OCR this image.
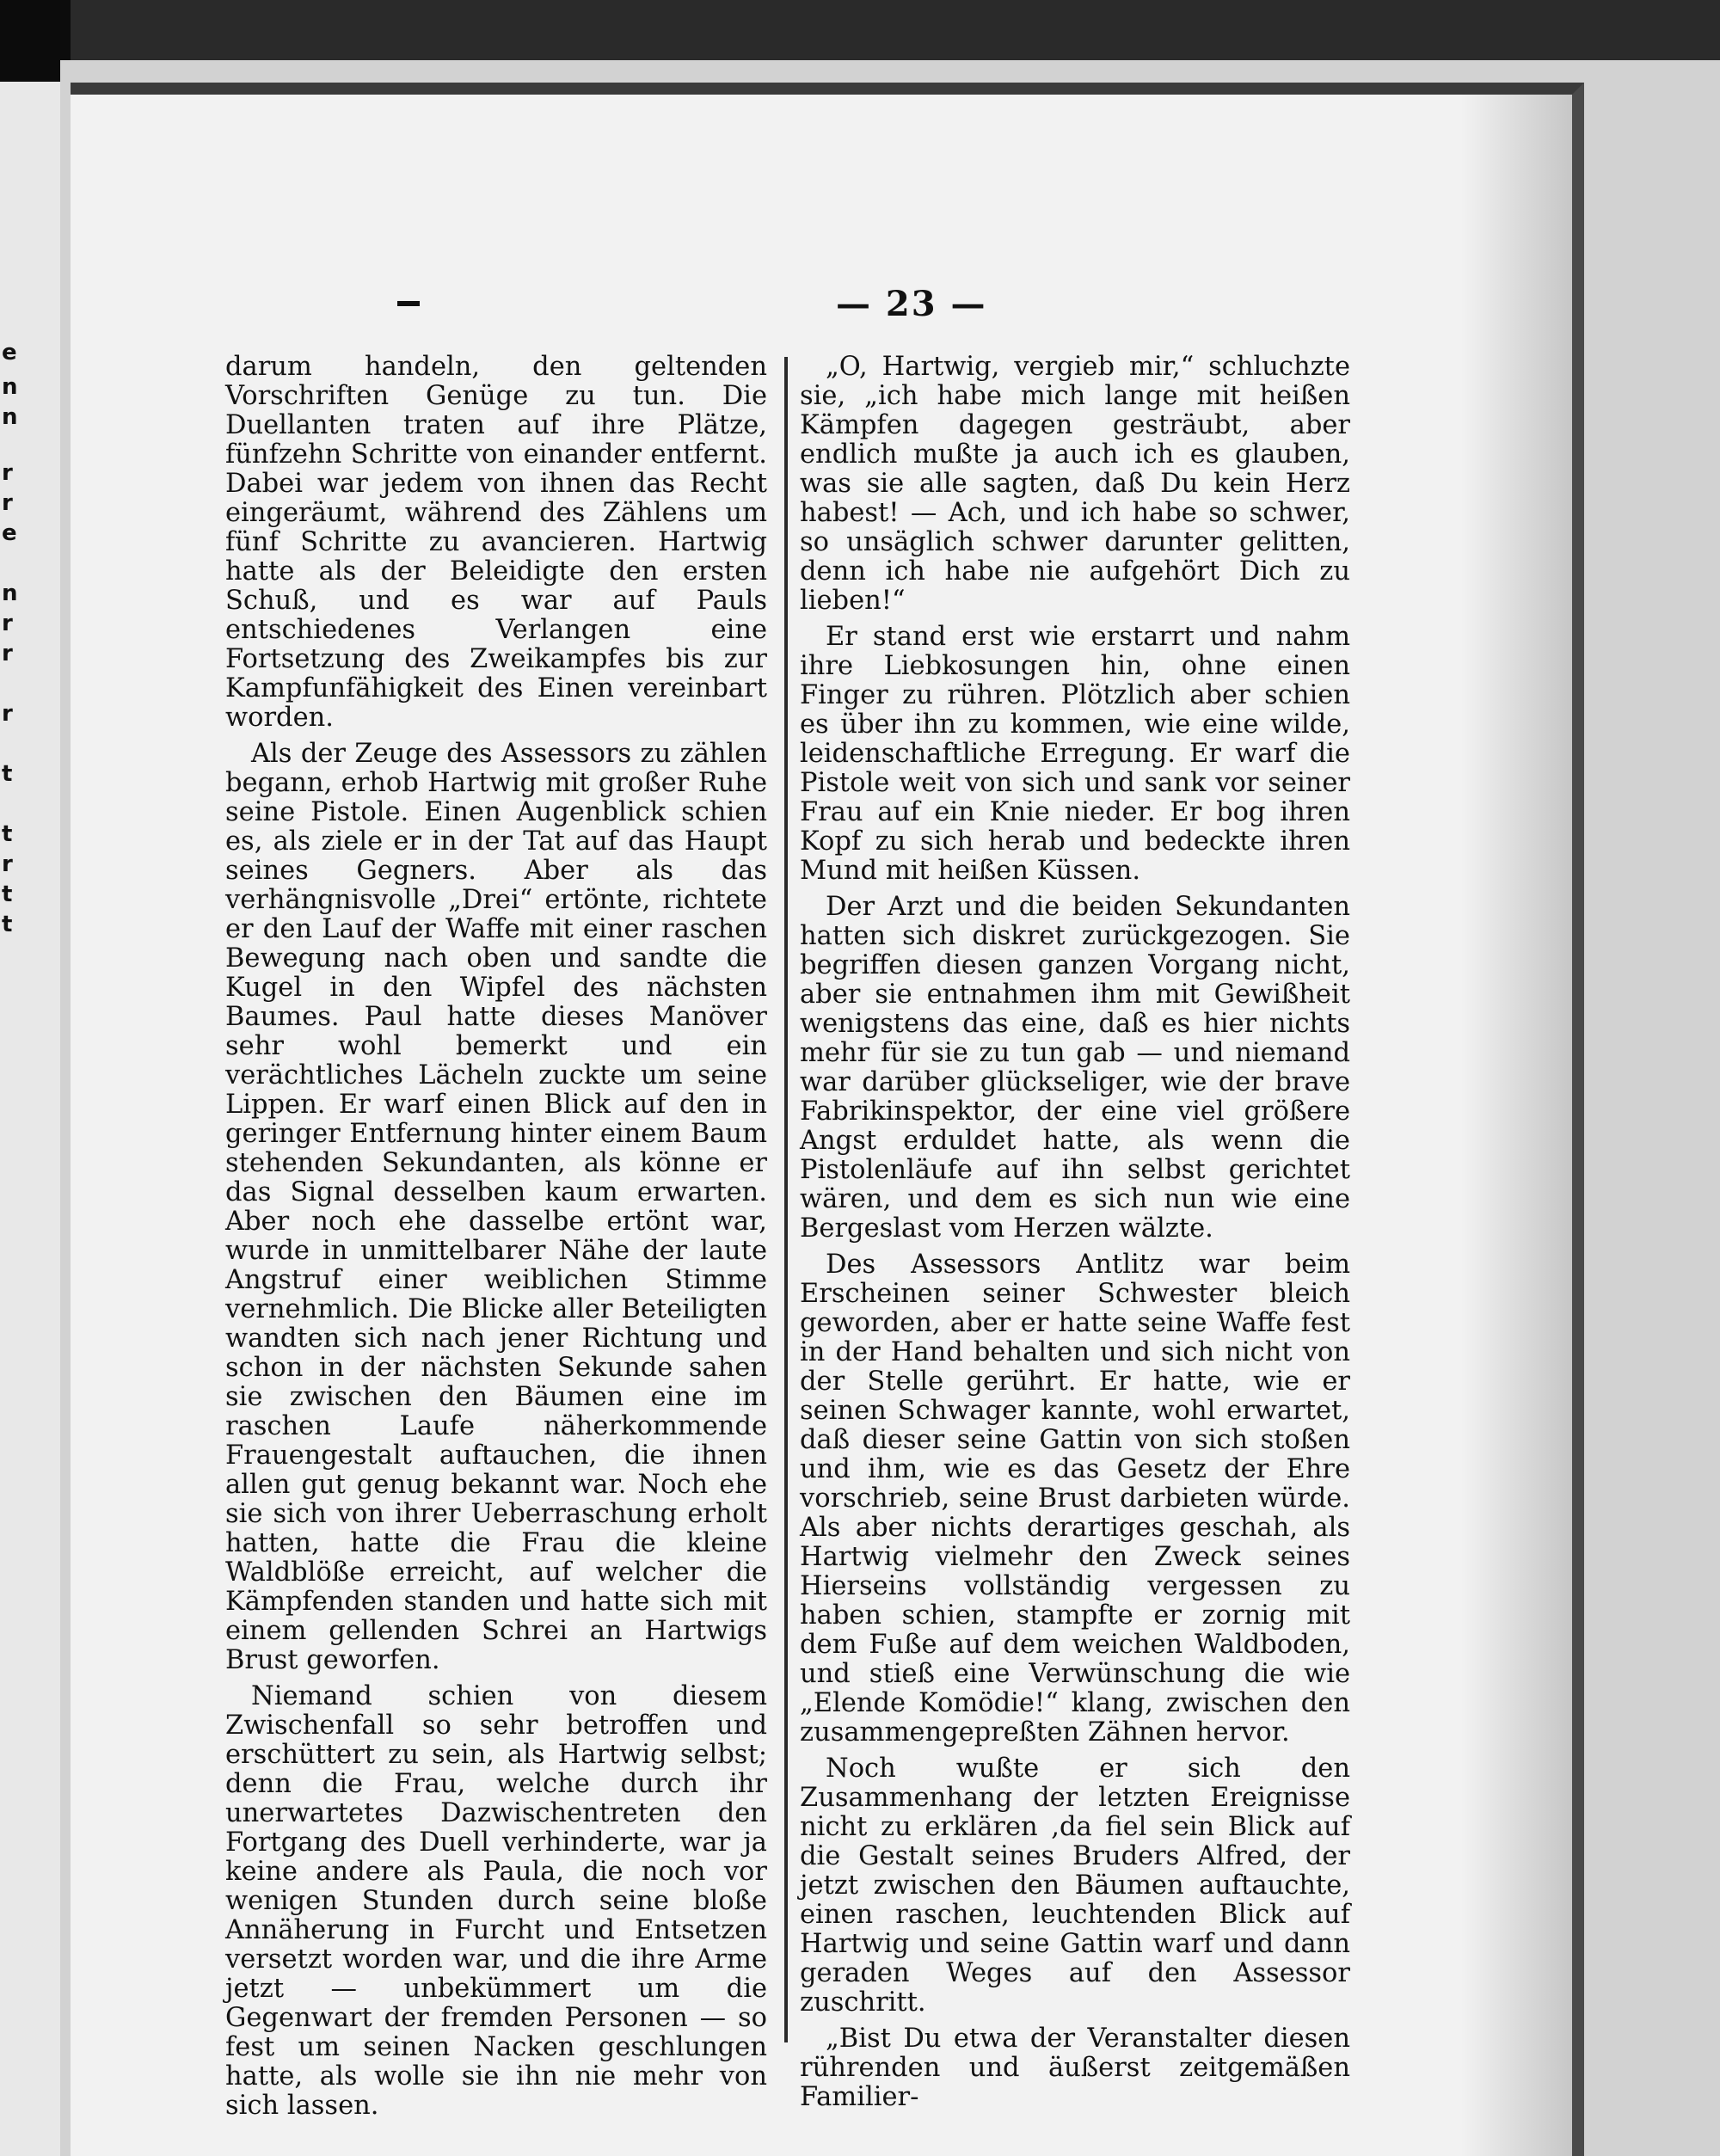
e
n
n
r
r
e
n
r
r
r
t
t
r
t
t
— 23 —

darum handeln, den geltenden Vorschriften Genüge zu tun. Die Duellanten traten auf ihre Plätze, fünfzehn Schritte von einander entfernt. Dabei war jedem von ihnen das Recht eingeräumt, während des Zählens um fünf Schritte zu avancieren. Hartwig hatte als der Beleidigte den ersten Schuß, und es war auf Pauls entschiedenes Verlangen eine Fortsetzung des Zweikampfes bis zur Kampfunfähigkeit des Einen vereinbart worden.

Als der Zeuge des Assessors zu zählen begann, erhob Hartwig mit großer Ruhe seine Pistole. Einen Augenblick schien es, als ziele er in der Tat auf das Haupt seines Gegners. Aber als das verhängnisvolle „Drei“ ertönte, richtete er den Lauf der Waffe mit einer raschen Bewegung nach oben und sandte die Kugel in den Wipfel des nächsten Baumes. Paul hatte dieses Manöver sehr wohl bemerkt und ein verächtliches Lächeln zuckte um seine Lippen. Er warf einen Blick auf den in geringer Entfernung hinter einem Baum stehenden Sekundanten, als könne er das Signal desselben kaum erwarten. Aber noch ehe dasselbe ertönt war, wurde in unmittelbarer Nähe der laute Angstruf einer weiblichen Stimme vernehmlich. Die Blicke aller Beteiligten wandten sich nach jener Richtung und schon in der nächsten Sekunde sahen sie zwischen den Bäumen eine im raschen Laufe näherkommende Frauengestalt auftauchen, die ihnen allen gut genug bekannt war. Noch ehe sie sich von ihrer Ueberraschung erholt hatten, hatte die Frau die kleine Waldblöße erreicht, auf welcher die Kämpfenden standen und hatte sich mit einem gellenden Schrei an Hartwigs Brust geworfen.

Niemand schien von diesem Zwischenfall so sehr betroffen und erschüttert zu sein, als Hartwig selbst; denn die Frau, welche durch ihr unerwartetes Dazwischentreten den Fortgang des Duell verhinderte, war ja keine andere als Paula, die noch vor wenigen Stunden durch seine bloße Annäherung in Furcht und Entsetzen versetzt worden war, und die ihre Arme jetzt — unbekümmert um die Gegenwart der fremden Personen — so fest um seinen Nacken geschlungen hatte, als wolle sie ihn nie mehr von sich lassen.

„O, Hartwig, vergieb mir,“ schluchzte sie, „ich habe mich lange mit heißen Kämpfen dagegen gesträubt, aber endlich mußte ja auch ich es glauben, was sie alle sagten, daß Du kein Herz habest! — Ach, und ich habe so schwer, so unsäglich schwer darunter gelitten, denn ich habe nie aufgehört Dich zu lieben!“

Er stand erst wie erstarrt und nahm ihre Liebkosungen hin, ohne einen Finger zu rühren. Plötzlich aber schien es über ihn zu kommen, wie eine wilde, leidenschaftliche Erregung. Er warf die Pistole weit von sich und sank vor seiner Frau auf ein Knie nieder. Er bog ihren Kopf zu sich herab und bedeckte ihren Mund mit heißen Küssen.

Der Arzt und die beiden Sekundanten hatten sich diskret zurückgezogen. Sie begriffen diesen ganzen Vorgang nicht, aber sie entnahmen ihm mit Gewißheit wenigstens das eine, daß es hier nichts mehr für sie zu tun gab — und niemand war darüber glückseliger, wie der brave Fabrikinspektor, der eine viel größere Angst erduldet hatte, als wenn die Pistolenläufe auf ihn selbst gerichtet wären, und dem es sich nun wie eine Bergeslast vom Herzen wälzte.

Des Assessors Antlitz war beim Erscheinen seiner Schwester bleich geworden, aber er hatte seine Waffe fest in der Hand behalten und sich nicht von der Stelle gerührt. Er hatte, wie er seinen Schwager kannte, wohl erwartet, daß dieser seine Gattin von sich stoßen und ihm, wie es das Gesetz der Ehre vorschrieb, seine Brust darbieten würde. Als aber nichts derartiges geschah, als Hartwig vielmehr den Zweck seines Hierseins vollständig vergessen zu haben schien, stampfte er zornig mit dem Fuße auf dem weichen Waldboden, und stieß eine Verwünschung die wie „Elende Komödie!“ klang, zwischen den zusammengepreßten Zähnen hervor.

Noch wußte er sich den Zusammenhang der letzten Ereignisse nicht zu erklären ,da fiel sein Blick auf die Gestalt seines Bruders Alfred, der jetzt zwischen den Bäumen auftauchte, einen raschen, leuchtenden Blick auf Hartwig und seine Gattin warf und dann geraden Weges auf den Assessor zuschritt.

„Bist Du etwa der Veranstalter diesen rührenden und äußerst zeitgemäßen Familier-
